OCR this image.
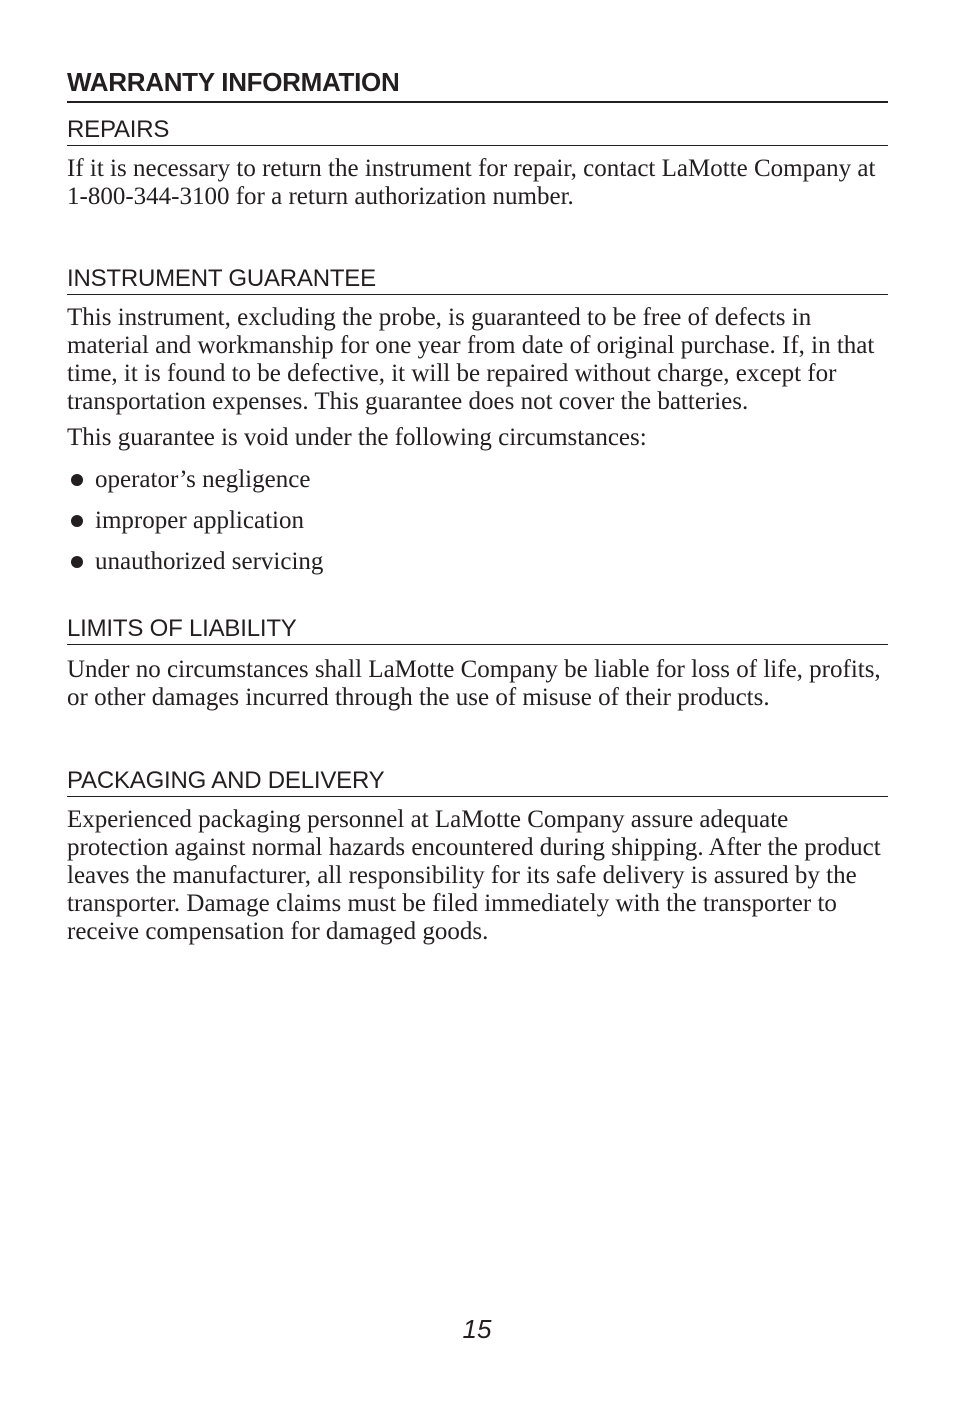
WARRANTY INFORMATION
REPAIRS

If it is necessary to return the instrument for repair, contact LaMotte Company at 1-800-344-3100 for a return authorization number.

INSTRUMENT GUARANTEE

This instrument, excluding the probe, is guaranteed to be free of defects in material and workmanship for one year from date of original purchase. If, in that time, it is found to be defective, it will be repaired without charge, except for transportation expenses. This guarantee does not cover the batteries.

This guarantee is void under the following circumstances:

operator’s negligence
improper application
unauthorized servicing
LIMITS OF LIABILITY

Under no circumstances shall LaMotte Company be liable for loss of life, profits, or other damages incurred through the use of misuse of their products.

PACKAGING AND DELIVERY

Experienced packaging personnel at LaMotte Company assure adequate protection against normal hazards encountered during shipping. After the product leaves the manufacturer, all responsibility for its safe delivery is assured by the transporter. Damage claims must be filed immediately with the transporter to receive compensation for damaged goods.

15
